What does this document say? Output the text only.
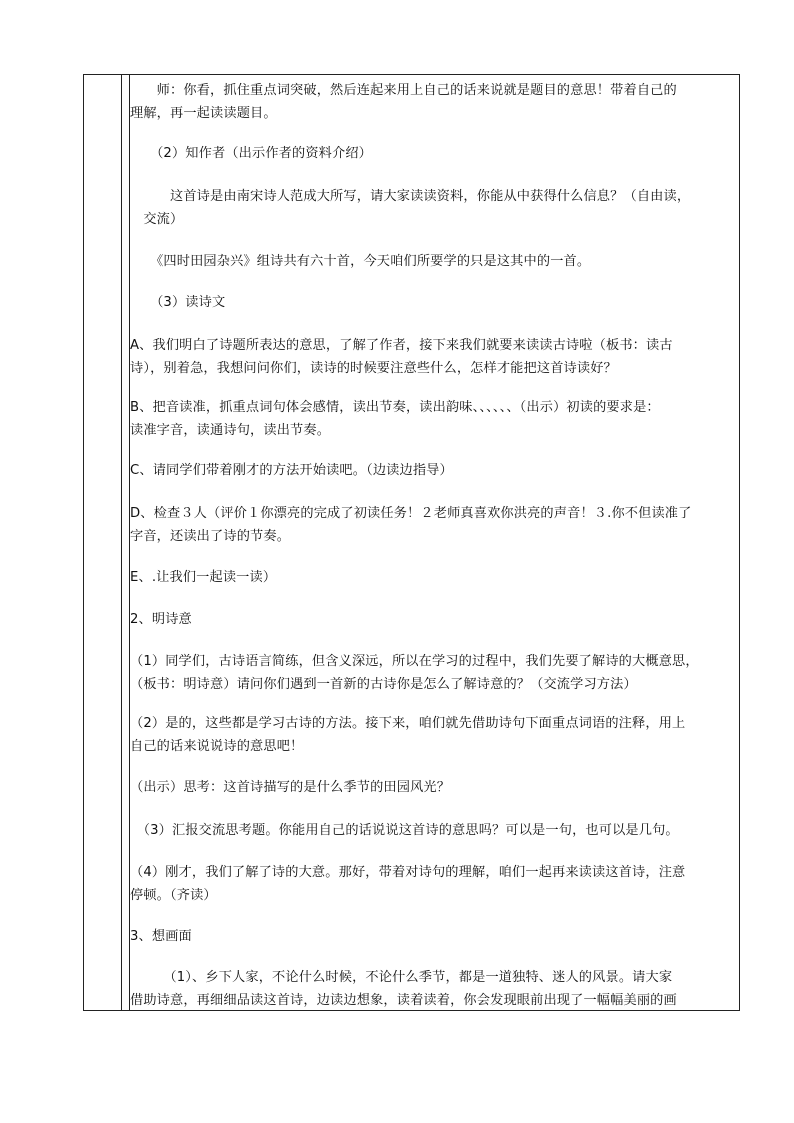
　　师：你看，抓住重点词突破，然后连起来用上自己的话来说就是题目的意思！带着自己的
理解，再一起读读题目。
　　（2）知作者（出示作者的资料介绍）
　　　这首诗是由南宋诗人范成大所写，请大家读读资料，你能从中获得什么信息？（自由读，
　交流）
　　《四时田园杂兴》组诗共有六十首，今天咱们所要学的只是这其中的一首。
　　（3）读诗文
A、我们明白了诗题所表达的意思，了解了作者，接下来我们就要来读读古诗啦（板书：读古
诗），别着急，我想问问你们，读诗的时候要注意些什么，怎样才能把这首诗读好？
B、把音读准，抓重点词句体会感情，读出节奏，读出韵味、、、、、、（出示）初读的要求是：
读准字音，读通诗句，读出节奏。
C、请同学们带着刚才的方法开始读吧。（边读边指导）
D、检查３人（评价１你漂亮的完成了初读任务！２老师真喜欢你洪亮的声音！３.你不但读准了
字音，还读出了诗的节奏。
E、.让我们一起读一读）
2、明诗意
（1）同学们，古诗语言简练，但含义深远，所以在学习的过程中，我们先要了解诗的大概意思，
（板书：明诗意）请问你们遇到一首新的古诗你是怎么了解诗意的？（交流学习方法）
（2）是的，这些都是学习古诗的方法。接下来，咱们就先借助诗句下面重点词语的注释，用上
自己的话来说说诗的意思吧！
（出示）思考：这首诗描写的是什么季节的田园风光？
　（3）汇报交流思考题。你能用自己的话说说这首诗的意思吗？可以是一句，也可以是几句。
（4）刚才，我们了解了诗的大意。那好，带着对诗句的理解，咱们一起再来读读这首诗，注意
停顿。（齐读）
3、想画面
　　　（1）、乡下人家，不论什么时候，不论什么季节，都是一道独特、迷人的风景。请大家
借助诗意，再细细品读这首诗，边读边想象，读着读着，你会发现眼前出现了一幅幅美丽的画
